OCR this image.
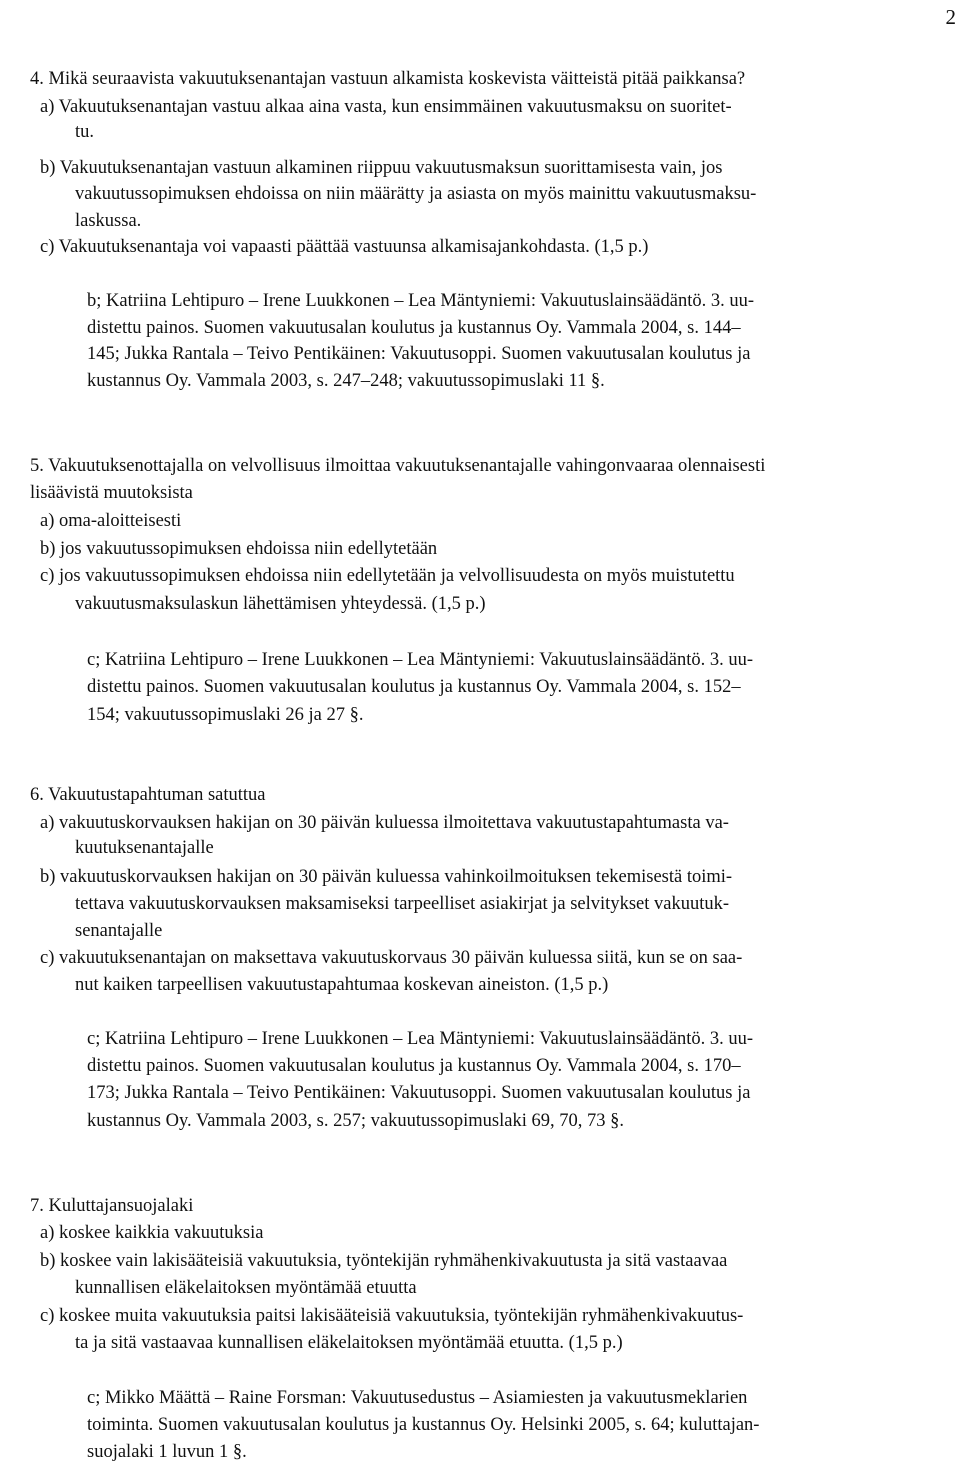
2

4. Mikä seuraavista vakuutuksenantajan vastuun alkamista koskevista väitteistä pitää paikkansa?

a) Vakuutuksenantajan vastuu alkaa aina vasta, kun ensimmäinen vakuutusmaksu on suoritet-

tu.

b) Vakuutuksenantajan vastuun alkaminen riippuu vakuutusmaksun suorittamisesta vain, jos

vakuutussopimuksen ehdoissa on niin määrätty ja asiasta on myös mainittu vakuutusmaksu-

laskussa.

c) Vakuutuksenantaja voi vapaasti päättää vastuunsa alkamisajankohdasta. (1,5 p.)

b; Katriina Lehtipuro – Irene Luukkonen – Lea Mäntyniemi: Vakuutuslainsäädäntö. 3. uu-

distettu painos. Suomen vakuutusalan koulutus ja kustannus Oy. Vammala 2004, s. 144–

145; Jukka Rantala – Teivo Pentikäinen: Vakuutusoppi. Suomen vakuutusalan koulutus ja

kustannus Oy. Vammala 2003, s. 247–248; vakuutussopimuslaki 11 §.

5. Vakuutuksenottajalla on velvollisuus ilmoittaa vakuutuksenantajalle vahingonvaaraa olennaisesti

lisäävistä muutoksista

a) oma-aloitteisesti

b) jos vakuutussopimuksen ehdoissa niin edellytetään

c) jos vakuutussopimuksen ehdoissa niin edellytetään ja velvollisuudesta on myös muistutettu

vakuutusmaksulaskun lähettämisen yhteydessä. (1,5 p.)

c; Katriina Lehtipuro – Irene Luukkonen – Lea Mäntyniemi: Vakuutuslainsäädäntö. 3. uu-

distettu painos. Suomen vakuutusalan koulutus ja kustannus Oy. Vammala 2004, s. 152–

154; vakuutussopimuslaki 26 ja 27 §.

6. Vakuutustapahtuman satuttua

a) vakuutuskorvauksen hakijan on 30 päivän kuluessa ilmoitettava vakuutustapahtumasta va-

kuutuksenantajalle

b) vakuutuskorvauksen hakijan on 30 päivän kuluessa vahinkoilmoituksen tekemisestä toimi-

tettava vakuutuskorvauksen maksamiseksi tarpeelliset asiakirjat ja selvitykset vakuutuk-

senantajalle

c) vakuutuksenantajan on maksettava vakuutuskorvaus 30 päivän kuluessa siitä, kun se on saa-

nut kaiken tarpeellisen vakuutustapahtumaa koskevan aineiston. (1,5 p.)

c; Katriina Lehtipuro – Irene Luukkonen – Lea Mäntyniemi: Vakuutuslainsäädäntö. 3. uu-

distettu painos. Suomen vakuutusalan koulutus ja kustannus Oy. Vammala 2004, s. 170–

173; Jukka Rantala – Teivo Pentikäinen: Vakuutusoppi. Suomen vakuutusalan koulutus ja

kustannus Oy. Vammala 2003, s. 257; vakuutussopimuslaki 69, 70, 73 §.

7. Kuluttajansuojalaki

a) koskee kaikkia vakuutuksia

b) koskee vain lakisääteisiä vakuutuksia, työntekijän ryhmähenkivakuutusta ja sitä vastaavaa

kunnallisen eläkelaitoksen myöntämää etuutta

c) koskee muita vakuutuksia paitsi lakisääteisiä vakuutuksia, työntekijän ryhmähenkivakuutus-

ta ja sitä vastaavaa kunnallisen eläkelaitoksen myöntämää etuutta. (1,5 p.)

c; Mikko Määttä – Raine Forsman: Vakuutusedustus – Asiamiesten ja vakuutusmeklarien

toiminta. Suomen vakuutusalan koulutus ja kustannus Oy. Helsinki 2005, s. 64; kuluttajan-

suojalaki 1 luvun 1 §.
